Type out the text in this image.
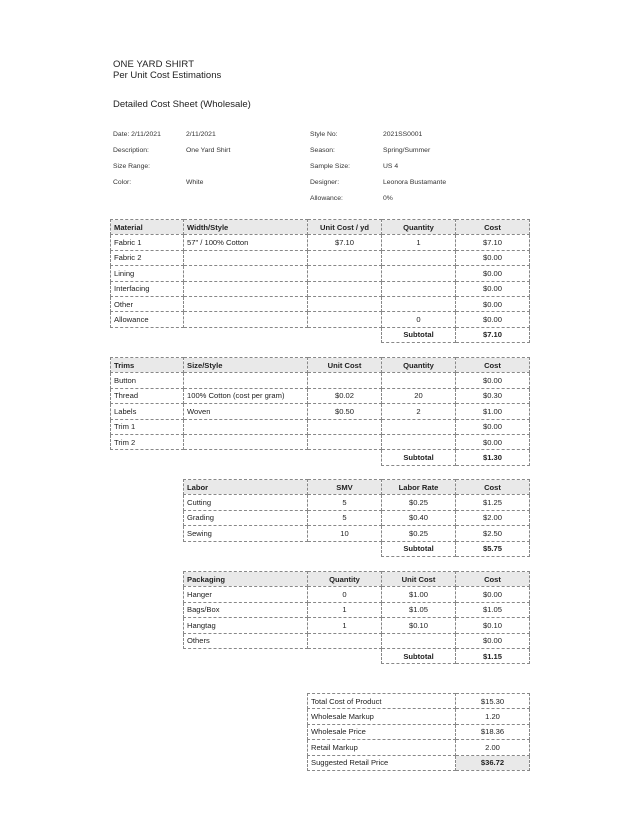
ONE YARD SHIRT
Per Unit Cost Estimations
Detailed Cost Sheet (Wholesale)
Date: 2/11/2021	2/11/2021
Description:	One Yard Shirt
Size Range:
Color:	White
Style No:	2021SS0001
Season:	Spring/Summer
Sample Size:	US 4
Designer:	Leonora Bustamante
Allowance:	0%
Material	Width/Style	Unit Cost / yd	Quantity	Cost
Fabric 1	57" / 100% Cotton	$7.10	1	$7.10
Fabric 2				$0.00
Lining				$0.00
Interfacing				$0.00
Other				$0.00
Allowance			0	$0.00
			Subtotal	$7.10
Trims	Size/Style	Unit Cost	Quantity	Cost
Button				$0.00
Thread	100% Cotton (cost per gram)	$0.02	20	$0.30
Labels	Woven	$0.50	2	$1.00
Trim 1				$0.00
Trim 2				$0.00
			Subtotal	$1.30
Labor	SMV	Labor Rate	Cost
Cutting	5	$0.25	$1.25
Grading	5	$0.40	$2.00
Sewing	10	$0.25	$2.50
		Subtotal	$5.75
Packaging	Quantity	Unit Cost	Cost
Hanger	0	$1.00	$0.00
Bags/Box	1	$1.05	$1.05
Hangtag	1	$0.10	$0.10
Others			$0.00
		Subtotal	$1.15
Total Cost of Product	$15.30
Wholesale Markup	1.20
Wholesale Price	$18.36
Retail Markup	2.00
Suggested Retail Price	$36.72
